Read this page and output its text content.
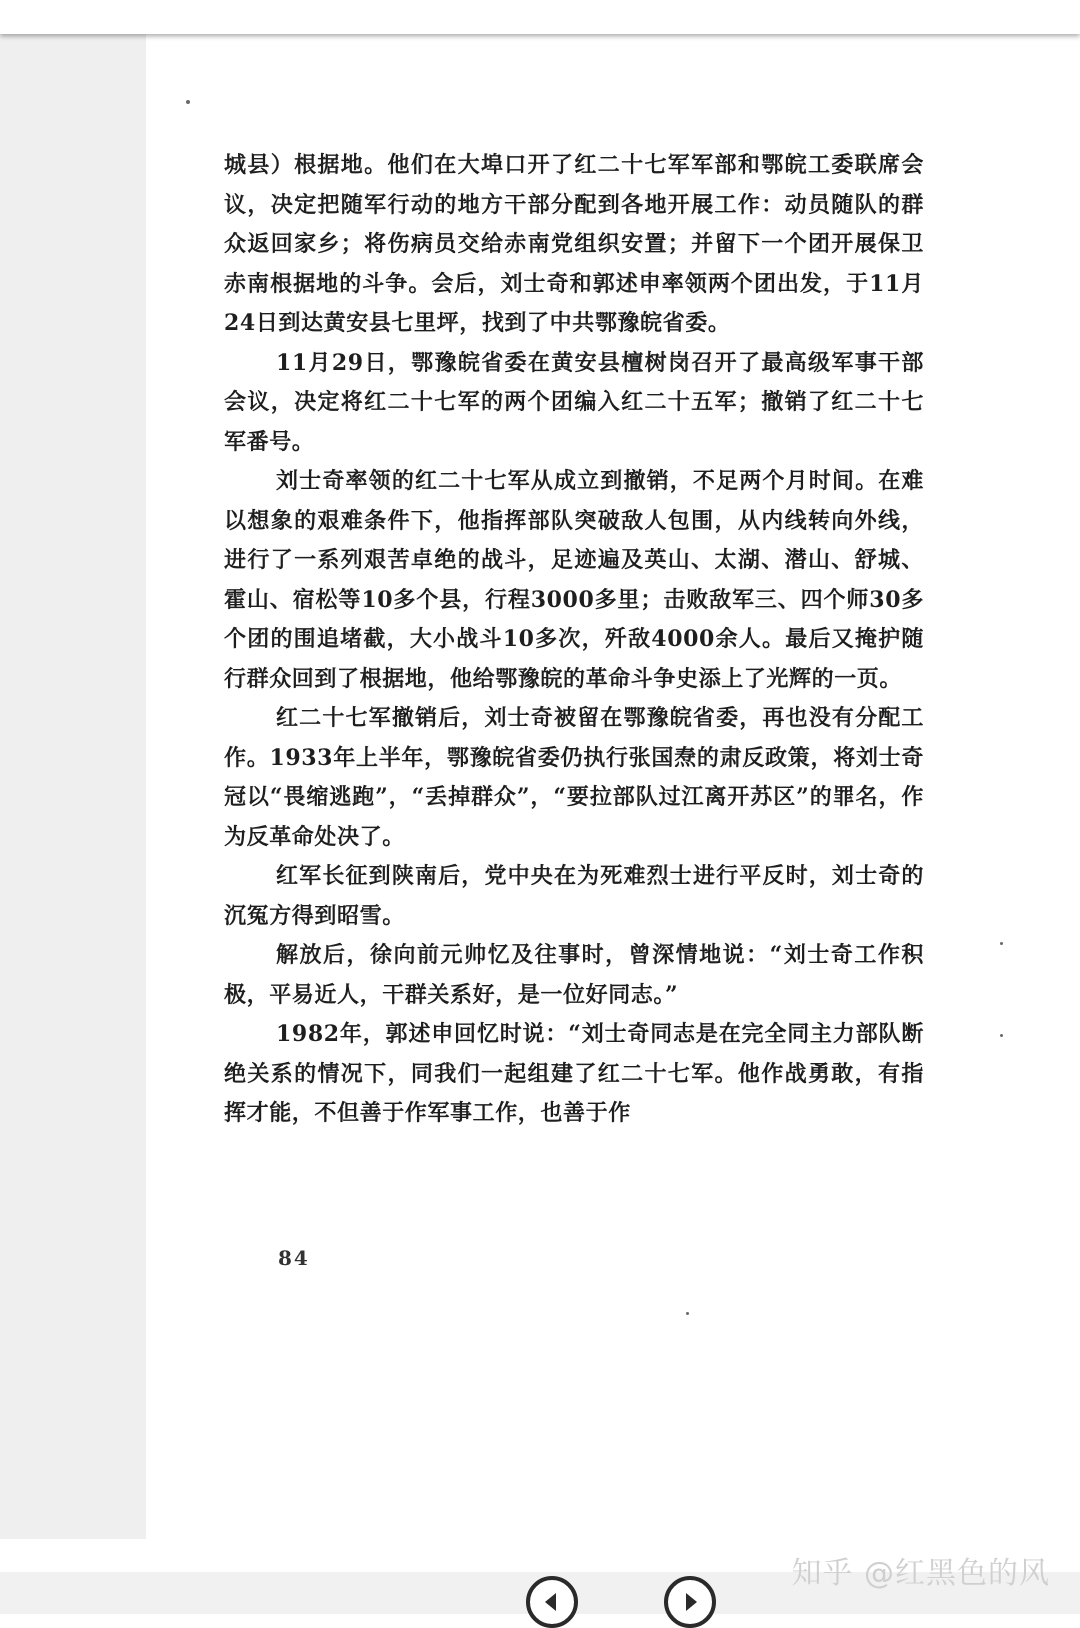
城县）根据地。他们在大埠口开了红二十七军军部和鄂皖工委联席会议，决定把随军行动的地方干部分配到各地开展工作：动员随队的群众返回家乡；将伤病员交给赤南党组织安置；并留下一个团开展保卫赤南根据地的斗争。会后，刘士奇和郭述申率领两个团出发，于11月24日到达黄安县七里坪，找到了中共鄂豫皖省委。

11月29日，鄂豫皖省委在黄安县檀树岗召开了最高级军事干部会议，决定将红二十七军的两个团编入红二十五军；撤销了红二十七军番号。

刘士奇率领的红二十七军从成立到撤销，不足两个月时间。在难以想象的艰难条件下，他指挥部队突破敌人包围，从内线转向外线，进行了一系列艰苦卓绝的战斗，足迹遍及英山、太湖、潜山、舒城、霍山、宿松等10多个县，行程3000多里；击败敌军三、四个师30多个团的围追堵截，大小战斗10多次，歼敌4000余人。最后又掩护随行群众回到了根据地，他给鄂豫皖的革命斗争史添上了光辉的一页。

红二十七军撤销后，刘士奇被留在鄂豫皖省委，再也没有分配工作。1933年上半年，鄂豫皖省委仍执行张国焘的肃反政策，将刘士奇冠以“畏缩逃跑”，“丢掉群众”，“要拉部队过江离开苏区”的罪名，作为反革命处决了。

红军长征到陕南后，党中央在为死难烈士进行平反时，刘士奇的沉冤方得到昭雪。

解放后，徐向前元帅忆及往事时，曾深情地说：“刘士奇工作积极，平易近人，干群关系好，是一位好同志。”

1982年，郭述申回忆时说：“刘士奇同志是在完全同主力部队断绝关系的情况下，同我们一起组建了红二十七军。他作战勇敢，有指挥才能，不但善于作军事工作，也善于作

84
知乎 @红黑色的风
